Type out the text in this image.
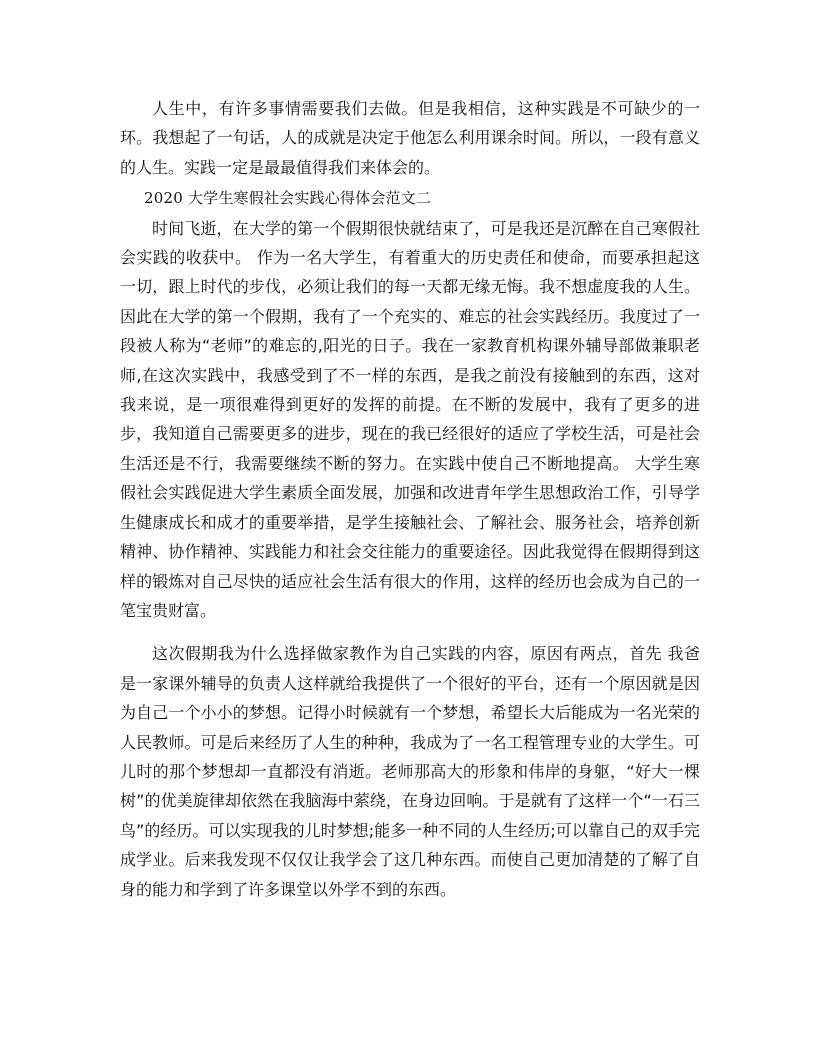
人生中，有许多事情需要我们去做。但是我相信，这种实践是不可缺少的一环。我想起了一句话，人的成就是决定于他怎么利用课余时间。所以，一段有意义的人生。实践一定是最最值得我们来体会的。

2020 大学生寒假社会实践心得体会范文二

时间飞逝，在大学的第一个假期很快就结束了，可是我还是沉醉在自己寒假社会实践的收获中。 作为一名大学生，有着重大的历史责任和使命，而要承担起这一切，跟上时代的步伐，必须让我们的每一天都无缘无悔。我不想虚度我的人生。因此在大学的第一个假期，我有了一个充实的、难忘的社会实践经历。我度过了一段被人称为“老师”的难忘的,阳光的日子。我在一家教育机构课外辅导部做兼职老师,在这次实践中，我感受到了不一样的东西，是我之前没有接触到的东西，这对我来说，是一项很难得到更好的发挥的前提。在不断的发展中，我有了更多的进步，我知道自己需要更多的进步，现在的我已经很好的适应了学校生活，可是社会生活还是不行，我需要继续不断的努力。在实践中使自己不断地提高。 大学生寒假社会实践促进大学生素质全面发展，加强和改进青年学生思想政治工作，引导学生健康成长和成才的重要举措，是学生接触社会、了解社会、服务社会，培养创新精神、协作精神、实践能力和社会交往能力的重要途径。因此我觉得在假期得到这样的锻炼对自己尽快的适应社会生活有很大的作用，这样的经历也会成为自己的一笔宝贵财富。

这次假期我为什么选择做家教作为自己实践的内容，原因有两点，首先 我爸是一家课外辅导的负责人这样就给我提供了一个很好的平台，还有一个原因就是因为自己一个小小的梦想。记得小时候就有一个梦想，希望长大后能成为一名光荣的人民教师。可是后来经历了人生的种种，我成为了一名工程管理专业的大学生。可儿时的那个梦想却一直都没有消逝。老师那高大的形象和伟岸的身躯，“好大一棵树”的优美旋律却依然在我脑海中萦绕，在身边回响。于是就有了这样一个“一石三鸟”的经历。可以实现我的儿时梦想;能多一种不同的人生经历;可以靠自己的双手完成学业。后来我发现不仅仅让我学会了这几种东西。而使自己更加清楚的了解了自身的能力和学到了许多课堂以外学不到的东西。
